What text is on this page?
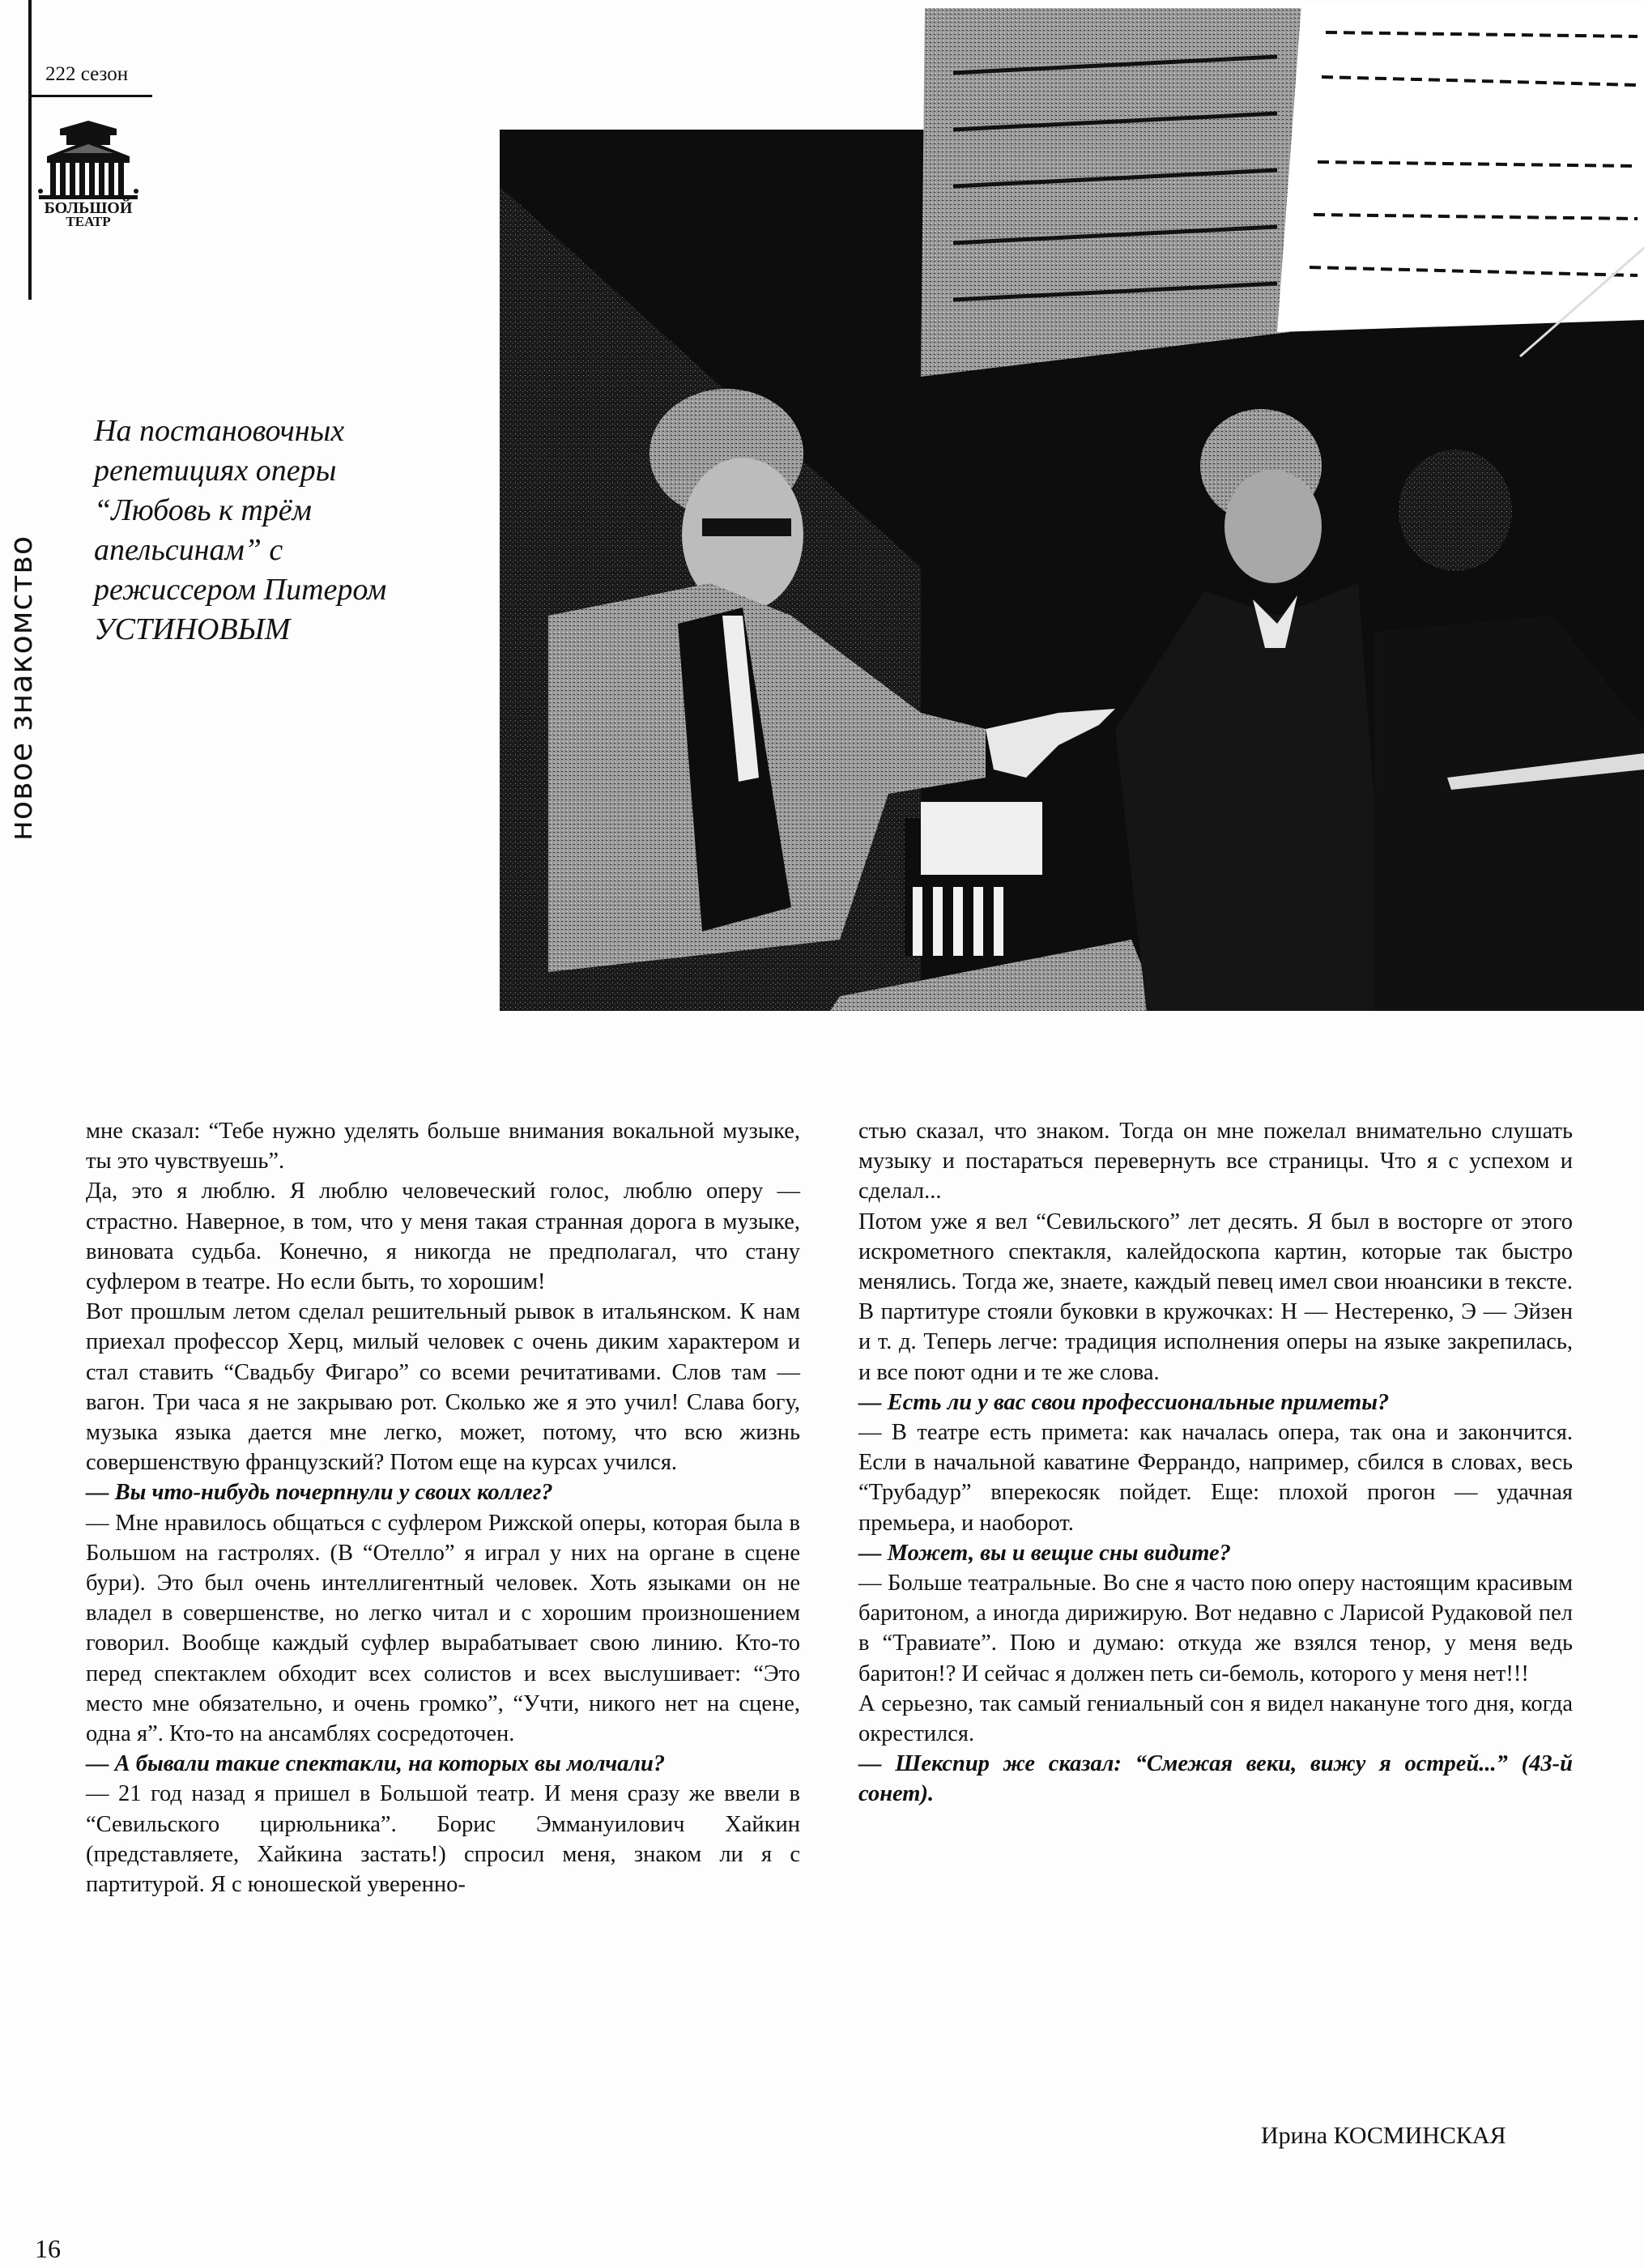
новое знакомство
222 сезон
БОЛЬШОЙ
ТЕАТР
На постановочных
репетициях оперы
“Любовь к трём
апельсинам” с
режиссером Питером
УСТИНОВЫМ

мне сказал: “Тебе нужно уделять больше внимания вокальной музыке, ты это чувствуешь”.

Да, это я люблю. Я люблю человеческий голос, люблю оперу — страстно. Наверное, в том, что у меня такая странная дорога в музыке, виновата судьба. Конечно, я никогда не предполагал, что стану суфлером в театре. Но если быть, то хорошим!

Вот прошлым летом сделал решительный рывок в итальянском. К нам приехал профессор Херц, милый человек с очень диким характером и стал ставить “Свадьбу Фигаро” со всеми речитативами. Слов там — вагон. Три часа я не закрываю рот. Сколько же я это учил! Слава богу, музыка языка дается мне легко, может, потому, что всю жизнь совершенствую французский? Потом еще на курсах учился.

— Вы что-нибудь почерпнули у своих коллег?

— Мне нравилось общаться с суфлером Рижской оперы, которая была в Большом на гастролях. (В “Отелло” я играл у них на органе в сцене бури). Это был очень интеллигентный человек. Хоть языками он не владел в совершенстве, но легко читал и с хорошим произношением говорил. Вообще каждый суфлер вырабатывает свою линию. Кто-то перед спектаклем обходит всех солистов и всех выслушивает: “Это место мне обязательно, и очень громко”, “Учти, никого нет на сцене, одна я”. Кто-то на ансамблях сосредоточен.

— А бывали такие спектакли, на которых вы молчали?

— 21 год назад я пришел в Большой театр. И меня сразу же ввели в “Севильского цирюльника”. Борис Эммануилович Хайкин (представляете, Хайкина застать!) спросил меня, знаком ли я с партитурой. Я с юношеской уверенно-

стью сказал, что знаком. Тогда он мне пожелал внимательно слушать музыку и постараться перевернуть все страницы. Что я с успехом и сделал...

Потом уже я вел “Севильского” лет десять. Я был в восторге от этого искрометного спектакля, калейдоскопа картин, которые так быстро менялись. Тогда же, знаете, каждый певец имел свои нюансики в тексте. В партитуре стояли буковки в кружочках: Н — Нестеренко, Э — Эйзен и т. д. Теперь легче: традиция исполнения оперы на языке закрепилась, и все поют одни и те же слова.

— Есть ли у вас свои профессиональные приметы?

— В театре есть примета: как началась опера, так она и закончится. Если в начальной каватине Феррандо, например, сбился в словах, весь “Трубадур” вперекосяк пойдет. Еще: плохой прогон — удачная премьера, и наоборот.

— Может, вы и вещие сны видите?

— Больше театральные. Во сне я часто пою оперу настоящим красивым баритоном, а иногда дирижирую. Вот недавно с Ларисой Рудаковой пел в “Травиате”. Пою и думаю: откуда же взялся тенор, у меня ведь баритон!? И сейчас я должен петь си-бемоль, которого у меня нет!!!

А серьезно, так самый гениальный сон я видел накануне того дня, когда окрестился.

— Шекспир же сказал: “Смежая веки, вижу я острей...” (43-й сонет).

Ирина КОСМИНСКАЯ
16
